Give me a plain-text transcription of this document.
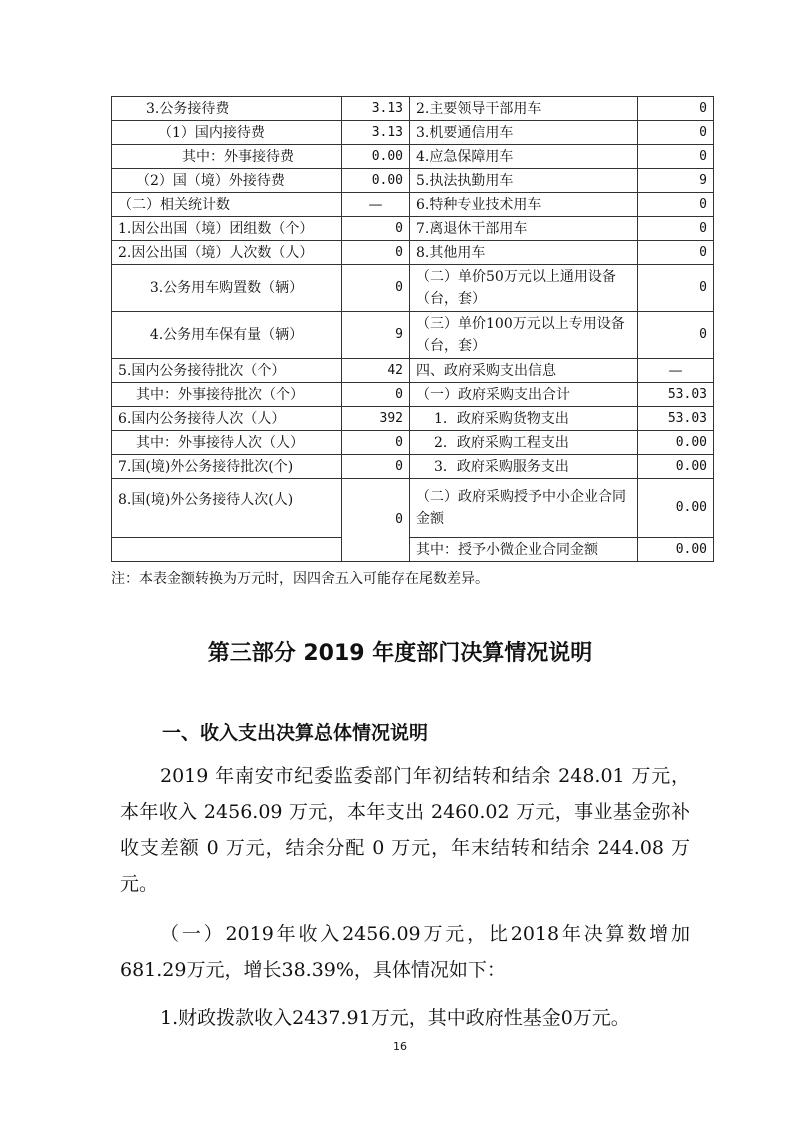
3.公务接待费	3.13	2.主要领导干部用车	0
（1）国内接待费	3.13	3.机要通信用车	0
其中：外事接待费	0.00	4.应急保障用车	0
（2）国（境）外接待费	0.00	5.执法执勤用车	9
（二）相关统计数	—	6.特种专业技术用车	0
1.因公出国（境）团组数（个）	0	7.离退休干部用车	0
2.因公出国（境）人次数（人）	0	8.其他用车	0
3.公务用车购置数（辆）	0	（二）单价50万元以上通用设备（台，套）	0
4.公务用车保有量（辆）	9	（三）单价100万元以上专用设备（台，套）	0
5.国内公务接待批次（个）	42	四、政府采购支出信息	—
其中：外事接待批次（个）	0	（一）政府采购支出合计	53.03
6.国内公务接待人次（人）	392	1．政府采购货物支出	53.03
其中：外事接待人次（人）	0	2．政府采购工程支出	0.00
7.国(境)外公务接待批次(个)	0	3．政府采购服务支出	0.00
8.国(境)外公务接待人次(人)	0	（二）政府采购授予中小企业合同金额	0.00
		其中：授予小微企业合同金额	0.00
注：本表金额转换为万元时，因四舍五入可能存在尾数差异。
第三部分 2019 年度部门决算情况说明
一、收入支出决算总体情况说明
2019 年南安市纪委监委部门年初结转和结余 248.01 万元，本年收入 2456.09 万元，本年支出 2460.02 万元，事业基金弥补收支差额 0 万元，结余分配 0 万元，年末结转和结余 244.08 万元。
（一）2019年收入2456.09万元，比2018年决算数增加681.29万元，增长38.39%，具体情况如下：
1.财政拨款收入2437.91万元，其中政府性基金0万元。
16
